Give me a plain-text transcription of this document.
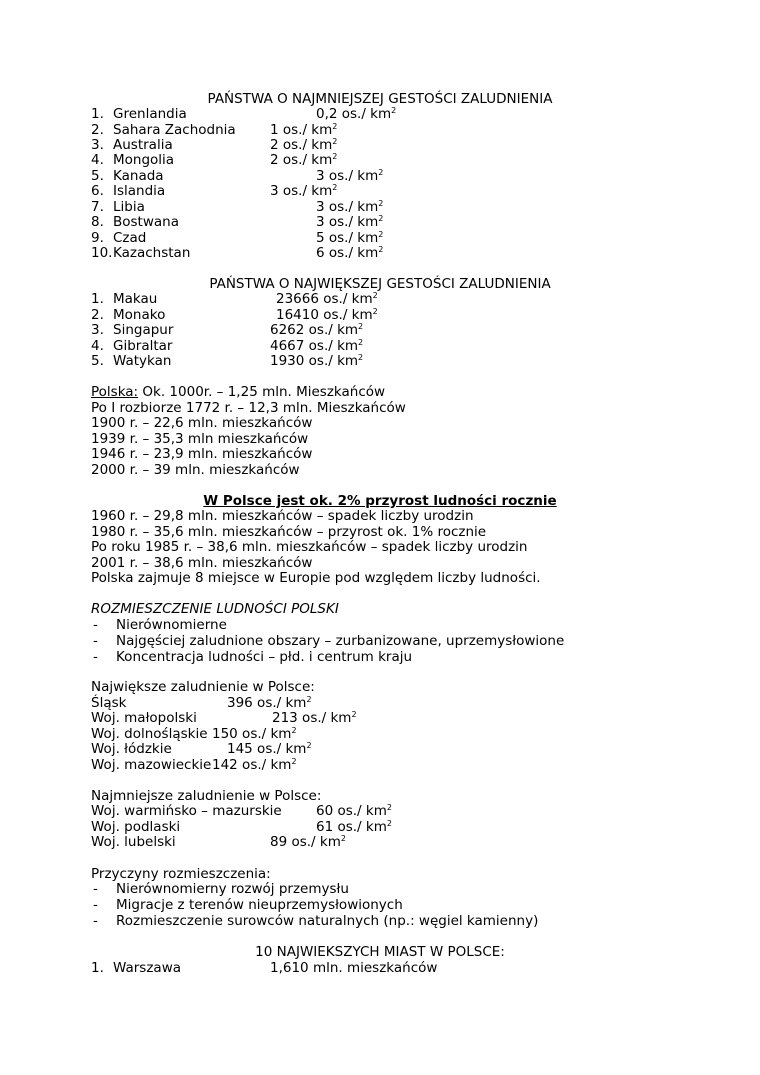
PAŃSTWA O NAJMNIEJSZEJ GESTOŚCI ZALUDNIENIA
1. Grenlandia	0,2 os./ $km^2$
2. Sahara Zachodnia	1 os./ $km^2$
3. Australia	2 os./ $km^2$
4. Mongolia	2 os./ $km^2$
5. Kanada	3 os./ $km^2$
6. Islandia	3 os./ $km^2$
7. Libia	3 os./ $km^2$
8. Bostwana	3 os./ $km^2$
9. Czad	5 os./ $km^2$
10. Kazachstan	6 os./ $km^2$
PAŃSTWA O NAJWIĘKSZEJ GESTOŚCI ZALUDNIENIA
1. Makau	23666 os./ $km^2$
2. Monako	16410 os./ $km^2$
3. Singapur	6262 os./ $km^2$
4. Gibraltar	4667 os./ $km^2$
5. Watykan	1930 os./ $km^2$
Polska: Ok. 1000r. – 1,25 mln. Mieszkańców
Po I rozbiorze 1772 r. – 12,3 mln. Mieszkańców
1900 r. – 22,6 mln. mieszkańców
1939 r. – 35,3 mln mieszkańców
1946 r. – 23,9 mln. mieszkańców
2000 r. – 39 mln. mieszkańców
W Polsce jest ok. 2% przyrost ludności rocznie
1960 r. – 29,8 mln. mieszkańców – spadek liczby urodzin
1980 r. – 35,6 mln. mieszkańców – przyrost ok. 1% rocznie
Po roku 1985 r. – 38,6 mln. mieszkańców – spadek liczby urodzin
2001 r. – 38,6 mln. mieszkańców
Polska zajmuje 8 miejsce w Europie pod względem liczby ludności.
ROZMIESZCZENIE LUDNOŚCI POLSKI
- Nierównomierne
- Najgęściej zaludnione obszary – zurbanizowane, uprzemysłowione
- Koncentracja ludności – płd. i centrum kraju
Największe zaludnienie w Polsce:
Śląsk	396 os./ $km^2$
Woj. małopolski	213 os./ $km^2$
Woj. dolnośląskie 150 os./ $km^2$
Woj. łódzkie	145 os./ $km^2$
Woj. mazowieckie 142 os./ $km^2$
Najmniejsze zaludnienie w Polsce:
Woj. warmińsko – mazurskie	60 os./ $km^2$
Woj. podlaski	61 os./ $km^2$
Woj. lubelski	89 os./ $km^2$
Przyczyny rozmieszczenia:
- Nierównomierny rozwój przemysłu
- Migracje z terenów nieuprzemysłowionych
- Rozmieszczenie surowców naturalnych (np.: węgiel kamienny)
10 NAJWIEKSZYCH MIAST W POLSCE:
1. Warszawa	1,610 mln. mieszkańców
